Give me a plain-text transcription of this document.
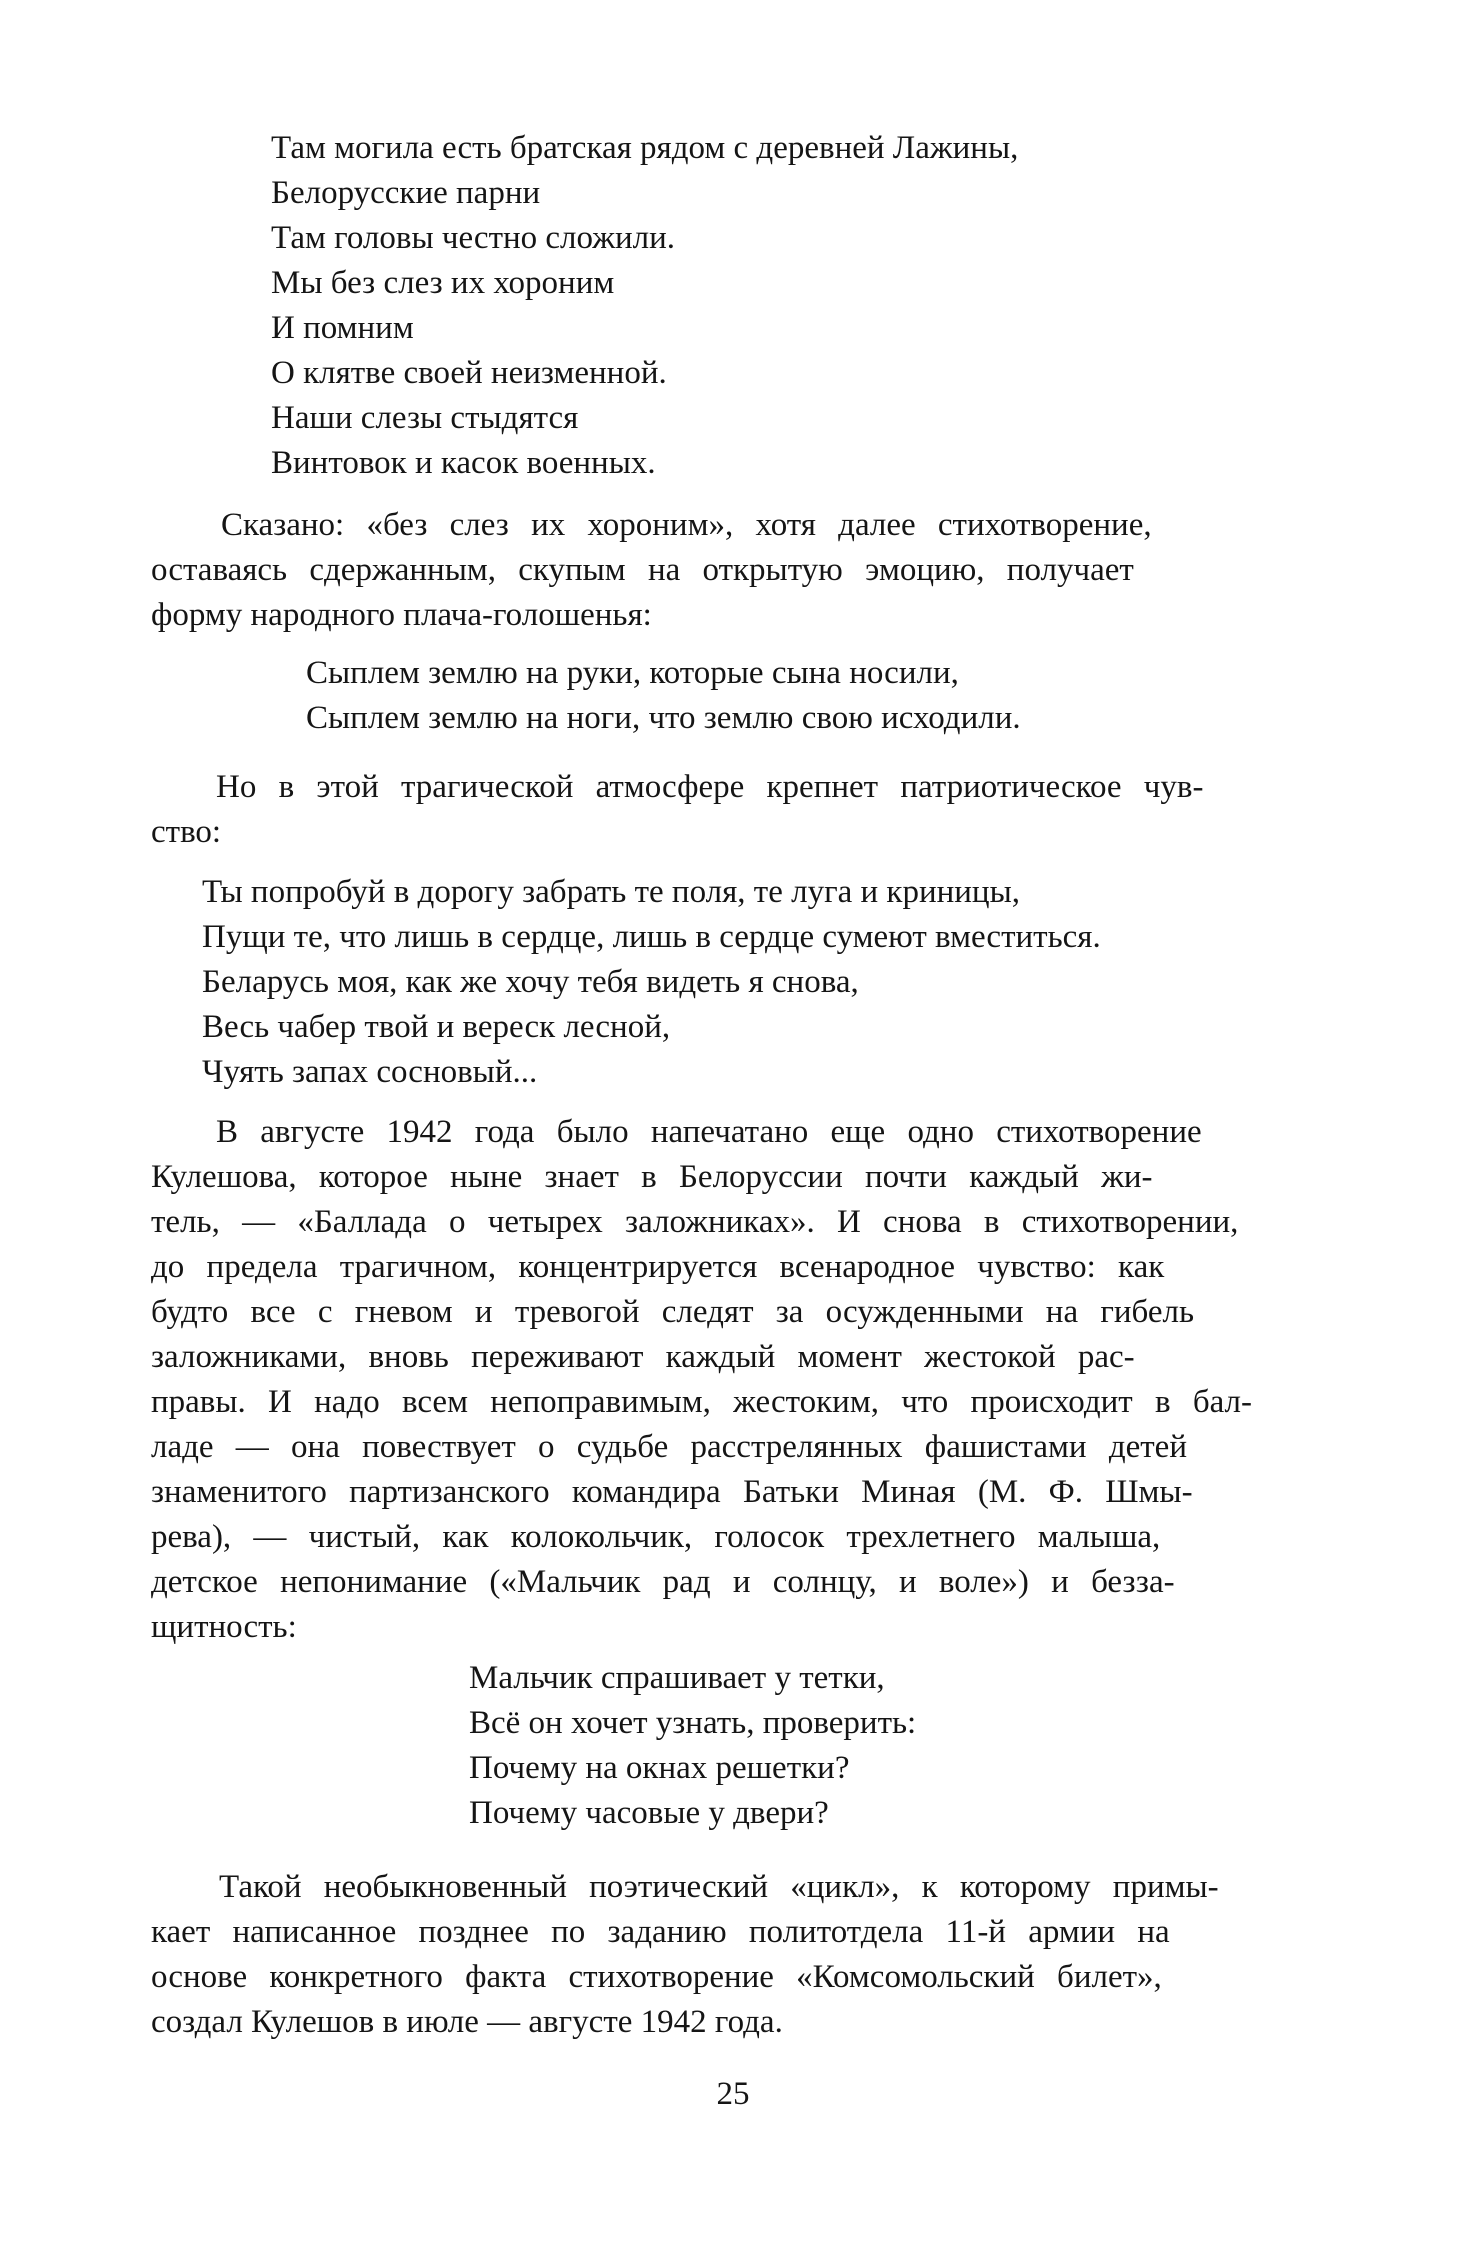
Там могила есть братская рядом с деревней Лажины,
Белорусские парни
Там головы честно сложили.
Мы без слез их хороним
И помним
О клятве своей неизменной.
Наши слезы стыдятся
Винтовок и касок военных.
Сказано: «без слез их хороним», хотя далее стихотворение,
оставаясь сдержанным, скупым на открытую эмоцию, получает
форму народного плача-голошенья:
Сыплем землю на руки, которые сына носили,
Сыплем землю на ноги, что землю свою исходили.
Но в этой трагической атмосфере крепнет патриотическое чув-
ство:
Ты попробуй в дорогу забрать те поля, те луга и криницы,
Пущи те, что лишь в сердце, лишь в сердце сумеют вместиться.
Беларусь моя, как же хочу тебя видеть я снова,
Весь чабер твой и вереск лесной,
Чуять запах сосновый...
В августе 1942 года было напечатано еще одно стихотворение
Кулешова, которое ныне знает в Белоруссии почти каждый жи-
тель, — «Баллада о четырех заложниках». И снова в стихотворении,
до предела трагичном, концентрируется всенародное чувство: как
будто все с гневом и тревогой следят за осужденными на гибель
заложниками, вновь переживают каждый момент жестокой рас-
правы. И надо всем непоправимым, жестоким, что происходит в бал-
ладе — она повествует о судьбе расстрелянных фашистами детей
знаменитого партизанского командира Батьки Миная (М. Ф. Шмы-
рева), — чистый, как колокольчик, голосок трехлетнего малыша,
детское непонимание («Мальчик рад и солнцу, и воле») и безза-
щитность:
Мальчик спрашивает у тетки,
Всё он хочет узнать, проверить:
Почему на окнах решетки?
Почему часовые у двери?
Такой необыкновенный поэтический «цикл», к которому примы-
кает написанное позднее по заданию политотдела 11-й армии на
основе конкретного факта стихотворение «Комсомольский билет»,
создал Кулешов в июле — августе 1942 года.
25
